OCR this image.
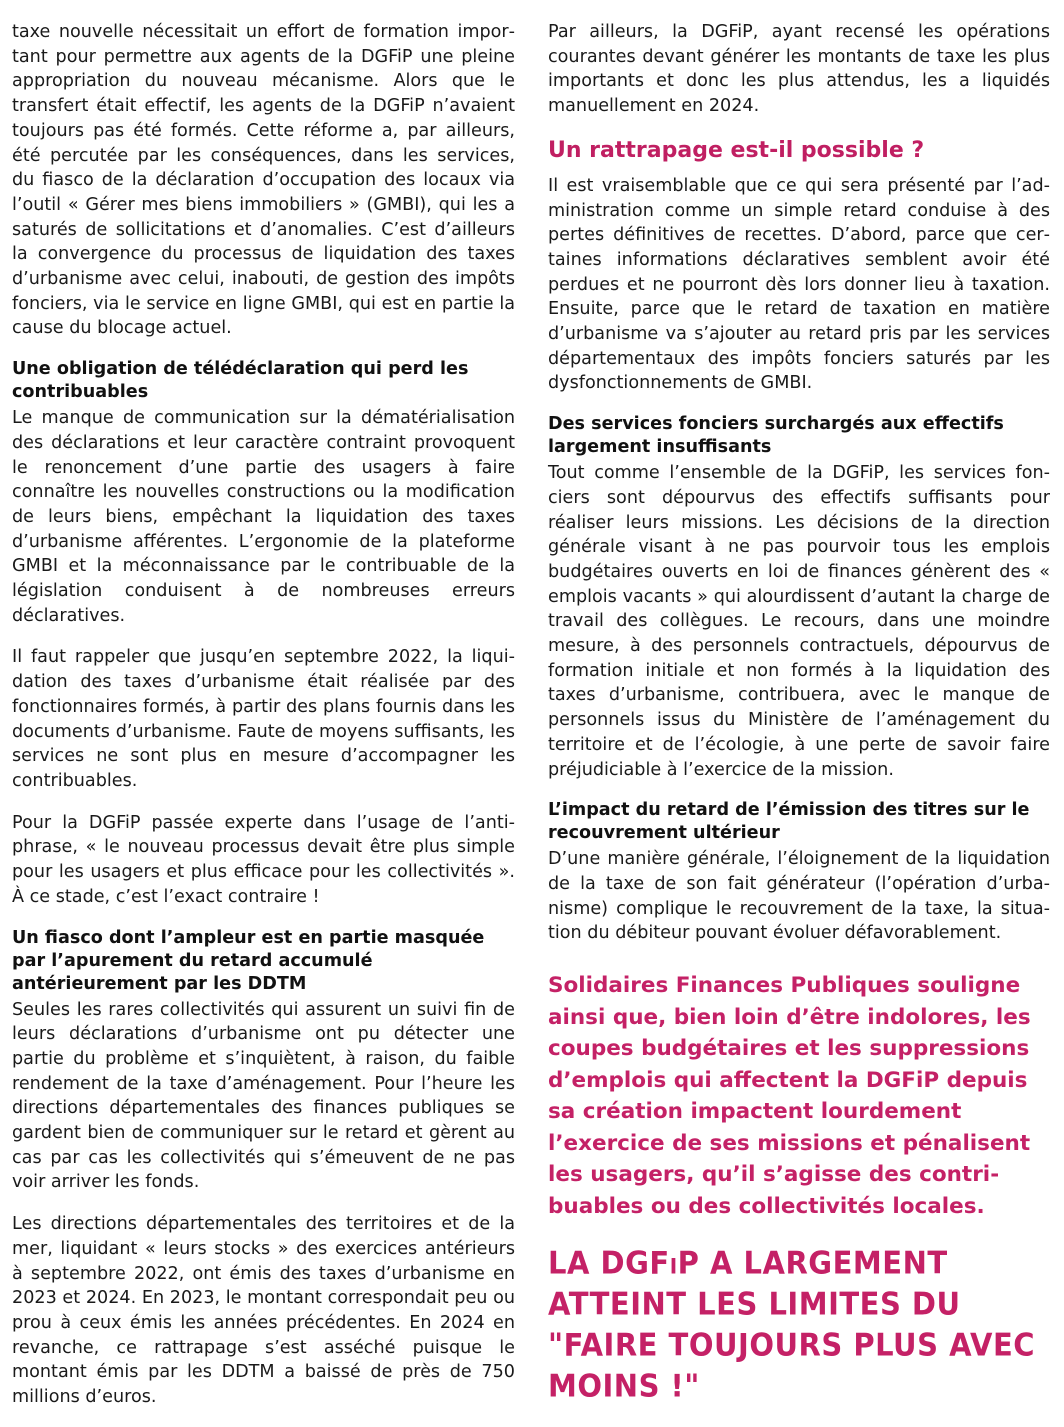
taxe nouvelle nécessitait un effort de formation important pour permettre aux agents de la DGFiP une pleine appropriation du nouveau mécanisme. Alors que le transfert était effectif, les agents de la DGFiP n’avaient toujours pas été formés. Cette réforme a, par ailleurs, été percutée par les conséquences, dans les services, du fiasco de la déclaration d’occupation des locaux via l’outil « Gérer mes biens immobiliers » (GMBI), qui les a saturés de sollicitations et d’anomalies. C’est d’ailleurs la convergence du processus de liquidation des taxes d’urbanisme avec celui, inabouti, de gestion des impôts fonciers, via le service en ligne GMBI, qui est en partie la cause du blocage actuel.

Une obligation de télédéclaration qui perd les contribuables

Le manque de communication sur la dématérialisation des déclarations et leur caractère contraint provoquent le renoncement d’une partie des usagers à faire connaître les nouvelles constructions ou la modification de leurs biens, empêchant la liquidation des taxes d’urbanisme afférentes. L’ergonomie de la plateforme GMBI et la méconnaissance par le contribuable de la législation conduisent à de nombreuses erreurs déclaratives.

Il faut rappeler que jusqu’en septembre 2022, la liquidation des taxes d’urbanisme était réalisée par des fonctionnaires formés, à partir des plans fournis dans les documents d’urbanisme. Faute de moyens suffisants, les services ne sont plus en mesure d’accompagner les contribuables.

Pour la DGFiP passée experte dans l’usage de l’antiphrase, « le nouveau processus devait être plus simple pour les usagers et plus efficace pour les collectivités ». À ce stade, c’est l’exact contraire !

Un fiasco dont l’ampleur est en partie masquée par l’apurement du retard accumulé antérieurement par les DDTM

Seules les rares collectivités qui assurent un suivi fin de leurs déclarations d’urbanisme ont pu détecter une partie du problème et s’inquiètent, à raison, du faible rendement de la taxe d’aménagement. Pour l’heure les directions départementales des finances publiques se gardent bien de communiquer sur le retard et gèrent au cas par cas les collectivités qui s’émeuvent de ne pas voir arriver les fonds.

Les directions départementales des territoires et de la mer, liquidant « leurs stocks » des exercices antérieurs à septembre 2022, ont émis des taxes d’urbanisme en 2023 et 2024. En 2023, le montant correspondait peu ou prou à ceux émis les années précédentes. En 2024 en revanche, ce rattrapage s’est asséché puisque le montant émis par les DDTM a baissé de près de 750 millions d’euros.

Par ailleurs, la DGFiP, ayant recensé les opérations courantes devant générer les montants de taxe les plus importants et donc les plus attendus, les a liquidés manuellement en 2024.

Un rattrapage est-il possible ?

Il est vraisemblable que ce qui sera présenté par l’administration comme un simple retard conduise à des pertes définitives de recettes. D’abord, parce que certaines informations déclaratives semblent avoir été perdues et ne pourront dès lors donner lieu à taxation. Ensuite, parce que le retard de taxation en matière d’urbanisme va s’ajouter au retard pris par les services départementaux des impôts fonciers saturés par les dysfonctionnements de GMBI.

Des services fonciers surchargés aux effectifs largement insuffisants

Tout comme l’ensemble de la DGFiP, les services fonciers sont dépourvus des effectifs suffisants pour réaliser leurs missions. Les décisions de la direction générale visant à ne pas pourvoir tous les emplois budgétaires ouverts en loi de finances génèrent des « emplois vacants » qui alourdissent d’autant la charge de travail des collègues. Le recours, dans une moindre mesure, à des personnels contractuels, dépourvus de formation initiale et non formés à la liquidation des taxes d’urbanisme, contribuera, avec le manque de personnels issus du Ministère de l’aménagement du territoire et de l’écologie, à une perte de savoir faire préjudiciable à l’exercice de la mission.

L’impact du retard de l’émission des titres sur le recouvrement ultérieur

D’une manière générale, l’éloignement de la liquidation de la taxe de son fait générateur (l’opération d’urbanisme) complique le recouvrement de la taxe, la situation du débiteur pouvant évoluer défavorablement.

Solidaires Finances Publiques souligne ainsi que, bien loin d’être indolores, les coupes budgétaires et les suppressions d’emplois qui affectent la DGFiP depuis sa création impactent lourdement l’exercice de ses missions et pénalisent les usagers, qu’il s’agisse des contribuables ou des collectivités locales.
LA DGFiP A LARGEMENT ATTEINT LES LIMITES DU "FAIRE TOUJOURS PLUS AVEC MOINS !"
